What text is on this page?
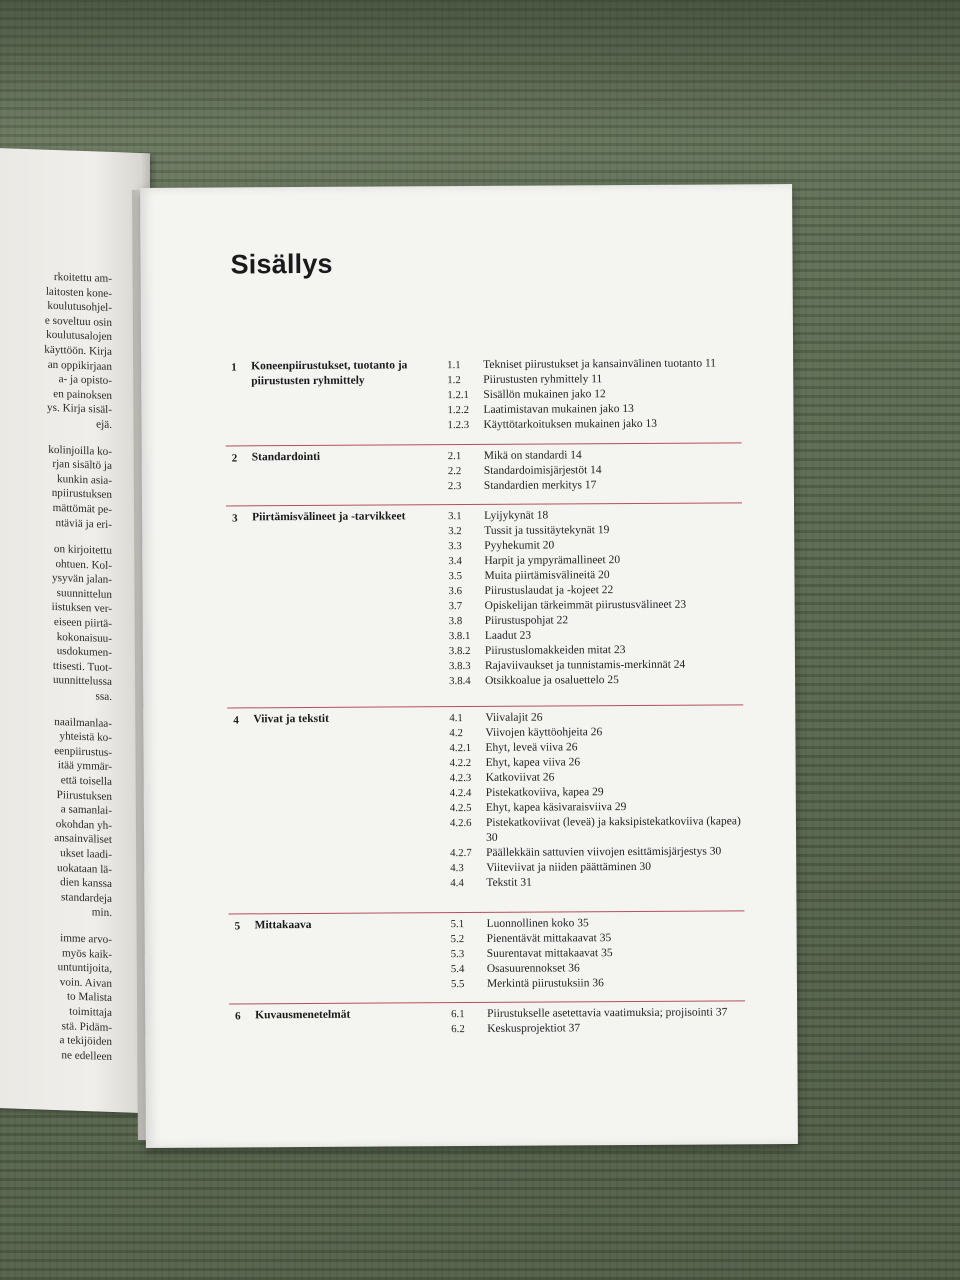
rkoitettu am-
laitosten kone-
koulutusohjel-
e soveltuu osin
koulutusalojen
käyttöön. Kirja
an oppikirjaan
a- ja opisto-
en painoksen
ys. Kirja sisäl-
ejä.
kolinjoilla ko-
rjan sisältö ja
kunkin asia-
npiirustuksen
mättömät pe-
ntäviä ja eri-
on kirjoitettu
ohtuen. Kol-
ysyvän jalan-
suunnittelun
iistuksen ver-
eiseen piirtä-
kokonaisuu-
usdokumen-
ttisesti. Tuot-
uunnittelussa
ssa.
naailmanlaa-
yhteistä ko-
eenpiirustus-
itää ymmär-
että toisella
Piirustuksen
a samanlai-
okohdan yh-
ansainväliset
ukset laadi-
uokataan lä-
dien kanssa
standardeja
min.
imme arvo-
myös kaik-
untuntijoita,
voin. Aivan
to Malista
toimittaja
stä. Pidäm-
a tekijöiden
ne edelleen
Sisällys
1 Koneenpiirustukset, tuotanto ja piirustusten ryhmittely
1.1	Tekniset piirustukset ja kansainvälinen tuotanto 11
1.2	Piirustusten ryhmittely 11
1.2.1	Sisällön mukainen jako 12
1.2.2	Laatimistavan mukainen jako 13
1.2.3	Käyttötarkoituksen mukainen jako 13
2 Standardointi	2.1	Mikä on standardi 14
2.2	Standardoimisjärjestöt 14
2.3	Standardien merkitys 17
3 Piirtämisvälineet ja -tarvikkeet	3.1	Lyijykynät 18
3.2	Tussit ja tussitäytekynät 19
3.3	Pyyhekumit 20
3.4	Harpit ja ympyrämallineet 20
3.5	Muita piirtämisvälineitä 20
3.6	Piirustuslaudat ja -kojeet 22
3.7	Opiskelijan tärkeimmät piirustusvälineet 23
3.8	Piirustuspohjat 22
3.8.1	Laadut 23
3.8.2	Piirustuslomakkeiden mitat 23
3.8.3	Rajaviivaukset ja tunnistamis-merkinnät 24
3.8.4	Otsikkoalue ja osaluettelo 25
4 Viivat ja tekstit	4.1	Viivalajit 26
4.2	Viivojen käyttöohjeita 26
4.2.1	Ehyt, leveä viiva 26
4.2.2	Ehyt, kapea viiva 26
4.2.3	Katkoviivat 26
4.2.4	Pistekatkoviiva, kapea 29
4.2.5	Ehyt, kapea käsivaraisviiva 29
4.2.6	Pistekatkoviivat (leveä) ja kaksipistekatkoviiva (kapea) 30
4.2.7	Päällekkäin sattuvien viivojen esittämisjärjestys 30
4.3	Viiteviivat ja niiden päättäminen 30
4.4	Tekstit 31
5 Mittakaava	5.1	Luonnollinen koko 35
5.2	Pienentävät mittakaavat 35
5.3	Suurentavat mittakaavat 35
5.4	Osasuurennokset 36
5.5	Merkintä piirustuksiin 36
6 Kuvausmenetelmät	6.1	Piirustukselle asetettavia vaatimuksia; projisointi 37
6.2	Keskusprojektiot 37
